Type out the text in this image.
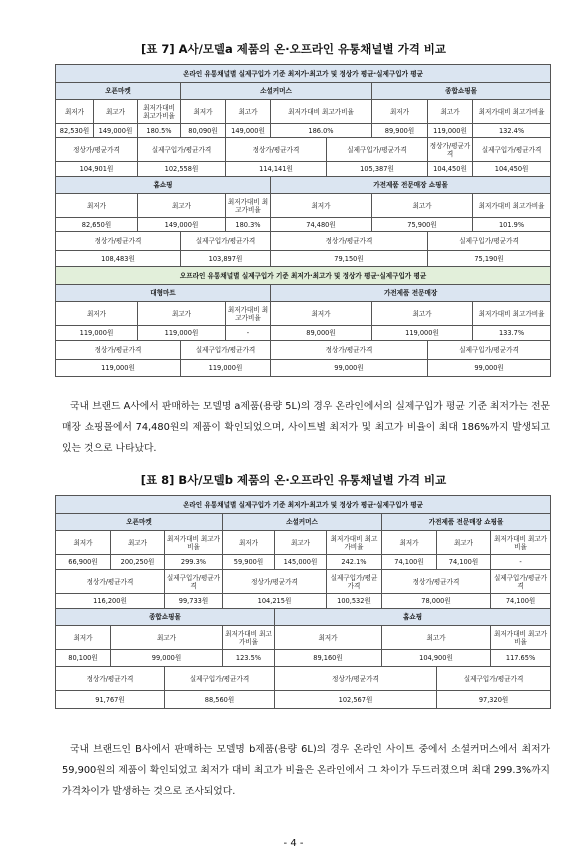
[표 7] A사/모델a 제품의 온·오프라인 유통채널별 가격 비교
온라인 유통채널별 실제구입가 기준 최저가·최고가 및 정상가 평균·실제구입가 평균									
오픈마켓			소셜커머스				종합쇼핑몰		
최저가	최고가	최저가대비 최고가비율	최저가	최고가	최저가대비 최고가비율		최저가	최고가	최저가대비 최고가비율
82,530원	149,000원	180.5%	80,090원	149,000원	186.0%		89,900원	119,000원	132.4%
정상가/평균가격		실제구입가/평균가격		정상가/평균가격		실제구입가/평균가격		정상가/평균가격	실제구입가/평균가격
104,901원		102,558원		114,141원		105,387원		104,450원	104,450원
홈쇼핑					가전제품 전문매장 쇼핑몰				
최저가		최고가		최저가대비 최고가비율	최저가		최고가		최저가대비 최고가비율
82,650원		149,000원		180.3%	74,480원		75,900원		101.9%
정상가/평균가격			실제구입가/평균가격		정상가/평균가격			실제구입가/평균가격	
108,483원			103,897원		79,150원			75,190원	
오프라인 유통채널별 실제구입가 기준 최저가·최고가 및 정상가 평균·실제구입가 평균									
대형마트					가전제품 전문매장				
최저가		최고가		최저가대비 최고가비율	최저가		최고가		최저가대비 최고가비율
119,000원		119,000원		-	89,000원		119,000원		133.7%
정상가/평균가격			실제구입가/평균가격		정상가/평균가격			실제구입가/평균가격	
119,000원			119,000원		99,000원			99,000원	
국내 브랜드 A사에서 판매하는 모델명 a제품(용량 5L)의 경우 온라인에서의 실제구입가 평균 기준 최저가는 전문매장 쇼핑몰에서 74,480원의 제품이 확인되었으며, 사이트별 최저가 및 최고가 비율이 최대 186%까지 발생되고 있는 것으로 나타났다.
[표 8] B사/모델b 제품의 온·오프라인 유통채널별 가격 비교
온라인 유통채널별 실제구입가 기준 최저가·최고가 및 정상가 평균·실제구입가 평균								
오픈마켓			소셜커머스			가전제품 전문매장 쇼핑몰		
최저가	최고가	최저가대비 최고가비율	최저가	최고가	최저가대비 최고가비율	최저가	최고가	최저가대비 최고가비율
66,900원	200,250원	299.3%	59,900원	145,000원	242.1%	74,100원	74,100원	-
정상가/평균가격		실제구입가/평균가격	정상가/평균가격		실제구입가/평균가격	정상가/평균가격		실제구입가/평균가격
116,200원		99,733원	104,215원		100,532원	78,000원		74,100원
종합쇼핑몰				홈쇼핑				
최저가	최고가		최저가대비 최고가비율	최저가		최고가		최저가대비 최고가비율
80,100원	99,000원		123.5%	89,160원		104,900원		117.65%
정상가/평균가격		실제구입가/평균가격		정상가/평균가격			실제구입가/평균가격	
91,767원		88,560원		102,567원			97,320원	
국내 브랜드인 B사에서 판매하는 모델명 b제품(용량 6L)의 경우 온라인 사이트 중에서 소셜커머스에서 최저가 59,900원의 제품이 확인되었고 최저가 대비 최고가 비율은 온라인에서 그 차이가 두드러졌으며 최대 299.3%까지 가격차이가 발생하는 것으로 조사되었다.
- 4 -
